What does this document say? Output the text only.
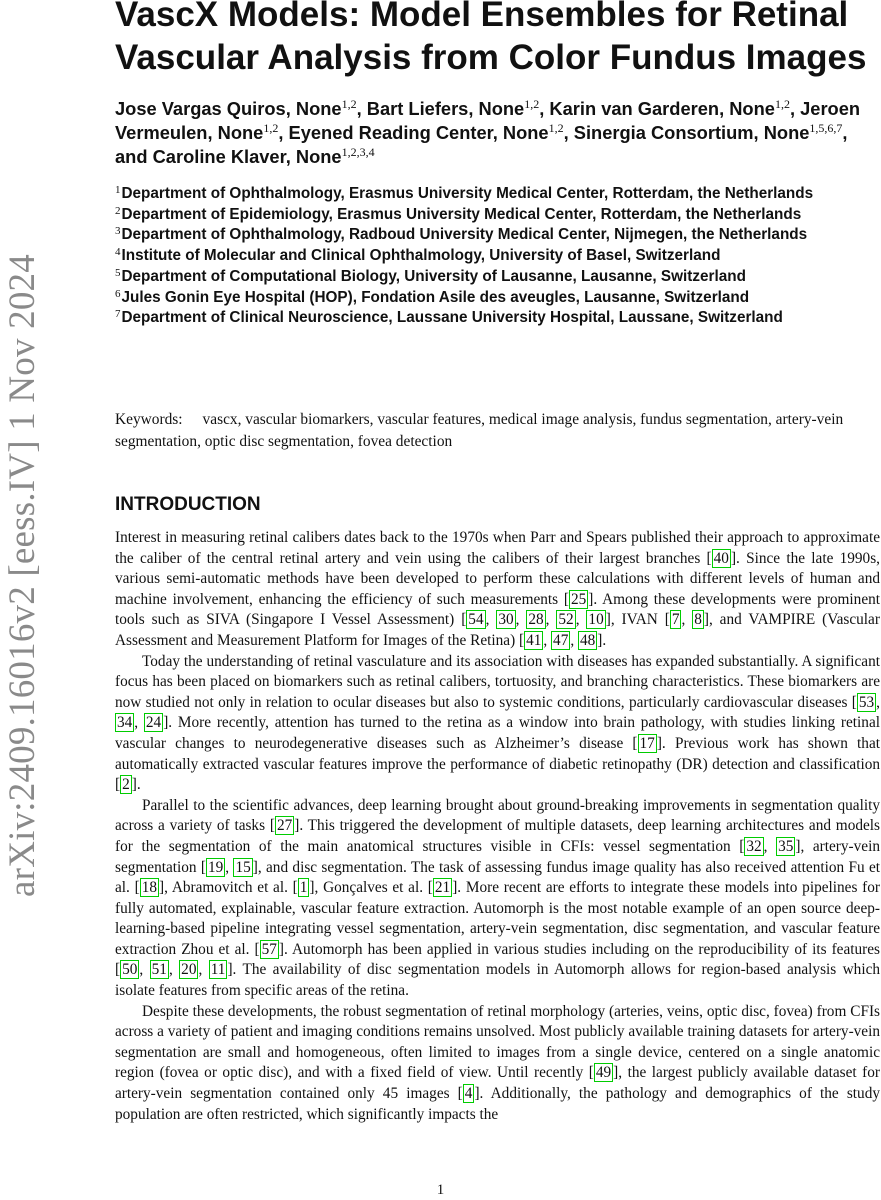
arXiv:2409.16016v2 [eess.IV] 1 Nov 2024
VascX Models: Model Ensembles for Retinal Vascular Analysis from Color Fundus Images
Jose Vargas Quiros, None$^{1,2}$, Bart Liefers, None$^{1,2}$, Karin van Garderen, None$^{1,2}$, Jeroen Vermeulen, None$^{1,2}$, Eyened Reading Center, None$^{1,2}$, Sinergia Consortium, None$^{1,5,6,7}$, and Caroline Klaver, None$^{1,2,3,4}$
$^1$Department of Ophthalmology, Erasmus University Medical Center, Rotterdam, the Netherlands
$^2$Department of Epidemiology, Erasmus University Medical Center, Rotterdam, the Netherlands
$^3$Department of Ophthalmology, Radboud University Medical Center, Nijmegen, the Netherlands
$^4$Institute of Molecular and Clinical Ophthalmology, University of Basel, Switzerland
$^5$Department of Computational Biology, University of Lausanne, Lausanne, Switzerland
$^6$Jules Gonin Eye Hospital (HOP), Fondation Asile des aveugles, Lausanne, Switzerland
$^7$Department of Clinical Neuroscience, Laussane University Hospital, Laussane, Switzerland
Keywords: vascx, vascular biomarkers, vascular features, medical image analysis, fundus segmentation, artery-vein segmentation, optic disc segmentation, fovea detection
INTRODUCTION

Interest in measuring retinal calibers dates back to the 1970s when Parr and Spears published their approach to approximate the caliber of the central retinal artery and vein using the calibers of their largest branches [ 40 ]. Since the late 1990s, various semi-automatic methods have been developed to perform these calculations with different levels of human and machine involvement, enhancing the efficiency of such measurements [ 25 ]. Among these developments were prominent tools such as SIVA (Singapore I Vessel Assessment) [ 54 , 30 , 28 , 52 , 10 ], IVAN [ 7 , 8 ], and VAMPIRE (Vascular Assessment and Measurement Platform for Images of the Retina) [ 41 , 47 , 48 ].

Today the understanding of retinal vasculature and its association with diseases has expanded substantially. A significant focus has been placed on biomarkers such as retinal calibers, tortuosity, and branching characteristics. These biomarkers are now studied not only in relation to ocular diseases but also to systemic conditions, particularly cardiovascular diseases [ 53 , 34 , 24 ]. More recently, attention has turned to the retina as a window into brain pathology, with studies linking retinal vascular changes to neurodegenerative diseases such as Alzheimer’s disease [ 17 ]. Previous work has shown that automatically extracted vascular features improve the performance of diabetic retinopathy (DR) detection and classification [ 2 ].

Parallel to the scientific advances, deep learning brought about ground-breaking improvements in segmentation quality across a variety of tasks [ 27 ]. This triggered the development of multiple datasets, deep learning architectures and models for the segmentation of the main anatomical structures visible in CFIs: vessel segmentation [ 32 , 35 ], artery-vein segmentation [ 19 , 15 ], and disc segmentation. The task of assessing fundus image quality has also received attention Fu et al. [ 18 ], Abramovitch et al. [ 1 ], Gonçalves et al. [ 21 ]. More recent are efforts to integrate these models into pipelines for fully automated, explainable, vascular feature extraction. Automorph is the most notable example of an open source deep-learning-based pipeline integrating vessel segmentation, artery-vein segmentation, disc segmentation, and vascular feature extraction Zhou et al. [ 57 ]. Automorph has been applied in various studies including on the reproducibility of its features [ 50 , 51 , 20 , 11 ]. The availability of disc segmentation models in Automorph allows for region-based analysis which isolate features from specific areas of the retina.

Despite these developments, the robust segmentation of retinal morphology (arteries, veins, optic disc, fovea) from CFIs across a variety of patient and imaging conditions remains unsolved. Most publicly available training datasets for artery-vein segmentation are small and homogeneous, often limited to images from a single device, centered on a single anatomic region (fovea or optic disc), and with a fixed field of view. Until recently [ 49 ], the largest publicly available dataset for artery-vein segmentation contained only 45 images [ 4 ]. Additionally, the pathology and demographics of the study population are often restricted, which significantly impacts the

1
